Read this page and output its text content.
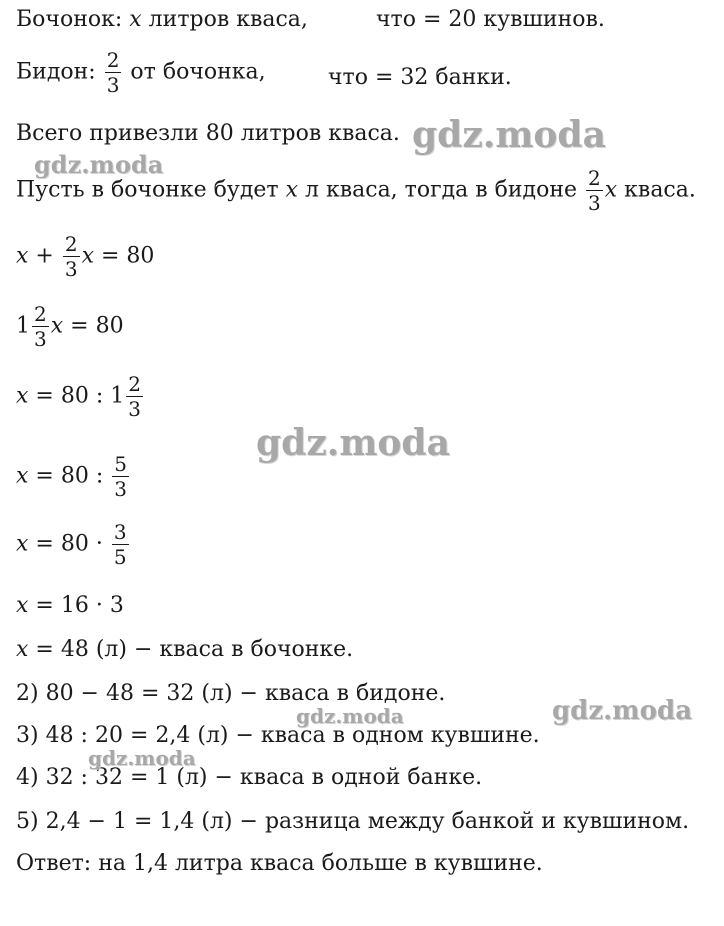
Бочонок: x литров кваса,	что = 20 кувшинов.
Бидон: $\frac{2}{3}$ от бочонка,	что = 32 банки.
Всего привезли 80 литров кваса.
Пусть в бочонке будет x л кваса, тогда в бидоне $\frac{2}{3}$ x кваса.
$x + \frac{2}{3}$ x = 80
$1 \frac{2}{3}$ x = 80
x = 80 : $1 \frac{2}{3}$
x = 80 : $\frac{5}{3}$
$x = 80 \cdot \frac{3}{5}$
x = 16 · 3
x = 48 (л) − кваса в бочонке.
2) 80 − 48 = 32 (л) − кваса в бидоне.
3) 48 : 20 = 2,4 (л) − кваса в одном кувшине.
4) 32 : 32 = 1 (л) − кваса в одной банке.
5) 2,4 − 1 = 1,4 (л) − разница между банкой и кувшином.
Ответ: на 1,4 литра кваса больше в кувшине.
gdz.moda
gdz.moda
gdz.moda
gdz.moda	gdz.moda
gdz.moda
